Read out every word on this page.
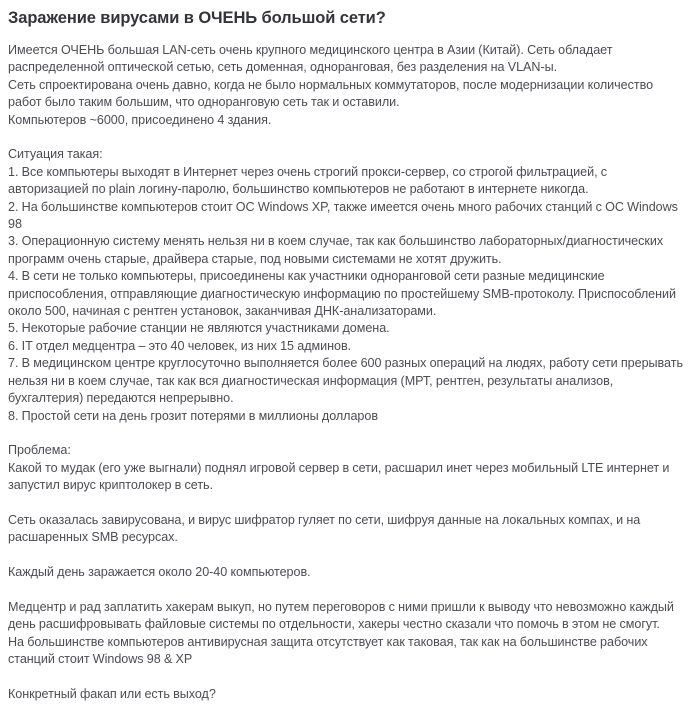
Заражение вирусами в ОЧЕНЬ большой сети?

Имеется ОЧЕНЬ большая LAN-сеть очень крупного медицинского центра в Азии (Китай). Сеть обладает распределенной оптической сетью, сеть доменная, одноранговая, без разделения на VLAN-ы.

Сеть спроектирована очень давно, когда не было нормальных коммутаторов, после модернизации количество работ было таким большим, что одноранговую сеть так и оставили.

Компьютеров ~6000, присоединено 4 здания.

Ситуация такая:

1. Все компьютеры выходят в Интернет через очень строгий прокси-сервер, со строгой фильтрацией, с авторизацией по plain логину-паролю, большинство компьютеров не работают в интернете никогда.

2. На большинстве компьютеров стоит ОС Windows XP, также имеется очень много рабочих станций с ОС Windows 98

3. Операционную систему менять нельзя ни в коем случае, так как большинство лабораторных/диагностических программ очень старые, драйвера старые, под новыми системами не хотят дружить.

4. В сети не только компьютеры, присоединены как участники одноранговой сети разные медицинские приспособления, отправляющие диагностическую информацию по простейшему SMB-протоколу. Приспособлений около 500, начиная с рентген установок, заканчивая ДНК-анализаторами.

5. Некоторые рабочие станции не являются участниками домена.

6. IT отдел медцентра – это 40 человек, из них 15 админов.

7. В медицинском центре круглосуточно выполняется более 600 разных операций на людях, работу сети прерывать нельзя ни в коем случае, так как вся диагностическая информация (МРТ, рентген, результаты анализов, бухгалтерия) передаются непрерывно.

8. Простой сети на день грозит потерями в миллионы долларов

Проблема:

Какой то мудак (его уже выгнали) поднял игровой сервер в сети, расшарил инет через мобильный LTE интернет и запустил вирус криптолокер в сеть.

Сеть оказалась завирусована, и вирус шифратор гуляет по сети, шифруя данные на локальных компах, и на расшаренных SMB ресурсах.

Каждый день заражается около 20-40 компьютеров.

Медцентр и рад заплатить хакерам выкуп, но путем переговоров с ними пришли к выводу что невозможно каждый день расшифровывать файловые системы по отдельности, хакеры честно сказали что помочь в этом не смогут.

На большинстве компьютеров антивирусная защита отсутствует как таковая, так как на большинстве рабочих станций стоит Windows 98 & XP

Конкретный факап или есть выход?
